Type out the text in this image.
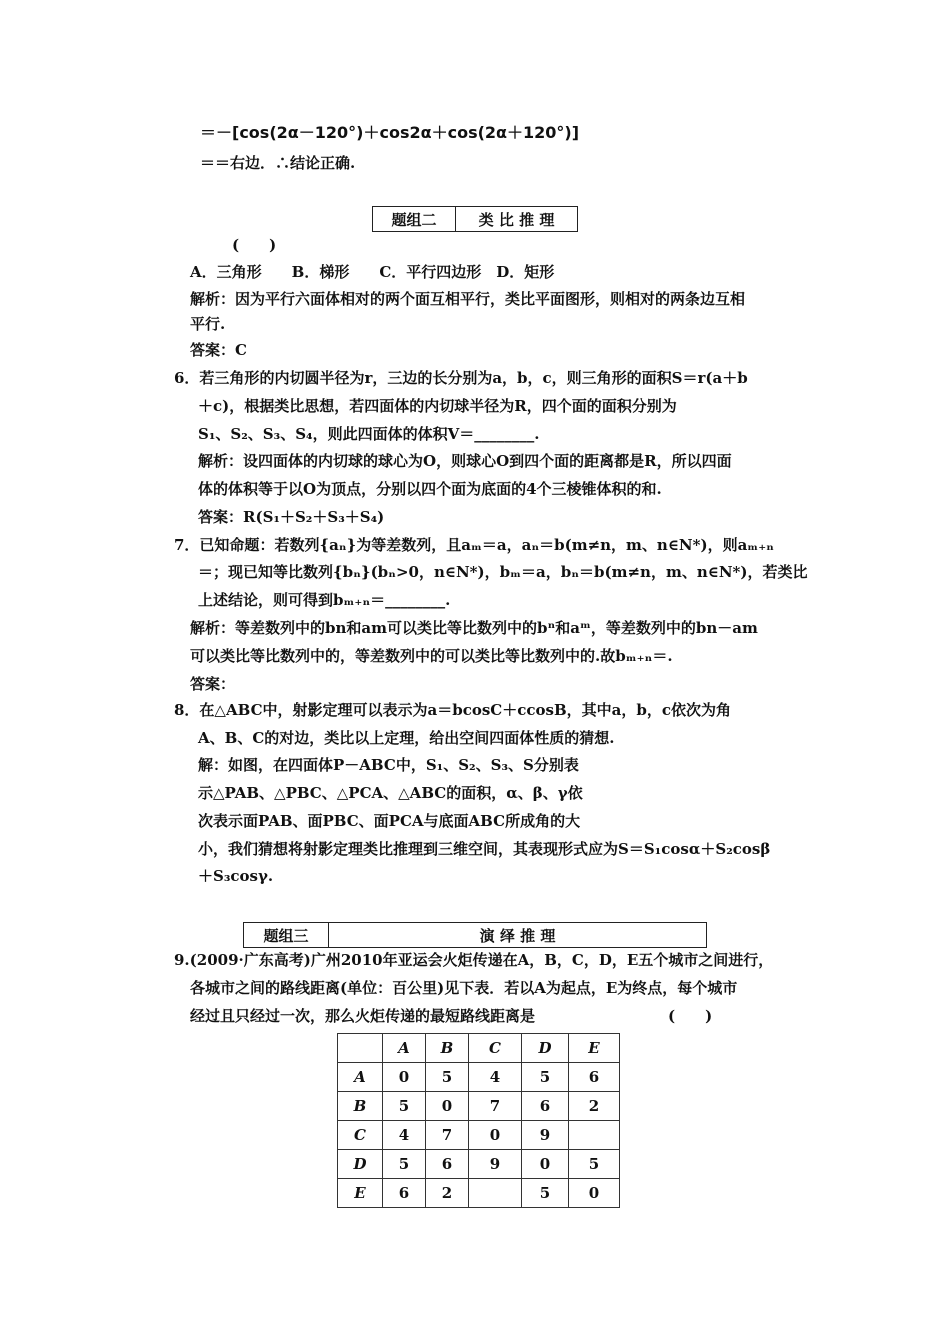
＝－[cos(2α－120°)＋cos2α＋cos(2α＋120°)]
＝＝右边．∴结论正确.
题组二	类 比 推 理
(　　)
A．三角形　　B．梯形　　C．平行四边形　D．矩形
解析：因为平行六面体相对的两个面互相平行，类比平面图形，则相对的两条边互相
平行.
答案：C
6．若三角形的内切圆半径为r，三边的长分别为a，b，c，则三角形的面积S＝r(a＋b
＋c)，根据类比思想，若四面体的内切球半径为R，四个面的面积分别为
S₁、S₂、S₃、S₄，则此四面体的体积V＝________.
解析：设四面体的内切球的球心为O，则球心O到四个面的距离都是R，所以四面
体的体积等于以O为顶点，分别以四个面为底面的4个三棱锥体积的和.
答案：R(S₁＋S₂＋S₃＋S₄)
7．已知命题：若数列{aₙ}为等差数列，且aₘ＝a，aₙ＝b(m≠n，m、n∈N*)，则aₘ₊ₙ
＝；现已知等比数列{bₙ}(bₙ>0，n∈N*)，bₘ＝a，bₙ＝b(m≠n，m、n∈N*)，若类比
上述结论，则可得到bₘ₊ₙ＝________.
解析：等差数列中的bn和am可以类比等比数列中的bⁿ和aᵐ，等差数列中的bn－am
可以类比等比数列中的，等差数列中的可以类比等比数列中的.故bₘ₊ₙ＝.
答案：
8．在△ABC中，射影定理可以表示为a＝bcosC＋ccosB，其中a，b，c依次为角
A、B、C的对边，类比以上定理，给出空间四面体性质的猜想.
解：如图，在四面体P－ABC中，S₁、S₂、S₃、S分别表
示△PAB、△PBC、△PCA、△ABC的面积，α、β、γ依
次表示面PAB、面PBC、面PCA与底面ABC所成角的大
小，我们猜想将射影定理类比推理到三维空间，其表现形式应为S＝S₁cosα＋S₂cosβ
＋S₃cosγ.
题组三	演 绎 推 理
9.(2009·广东高考)广州2010年亚运会火炬传递在A，B，C，D，E五个城市之间进行，
各城市之间的路线距离(单位：百公里)见下表．若以A为起点，E为终点，每个城市
经过且只经过一次，那么火炬传递的最短路线距离是	(　　)
	A	B	C	D	E
A	0	5	4	5	6
B	5	0	7	6	2
C	4	7	0	9	
D	5	6	9	0	5
E	6	2		5	0
